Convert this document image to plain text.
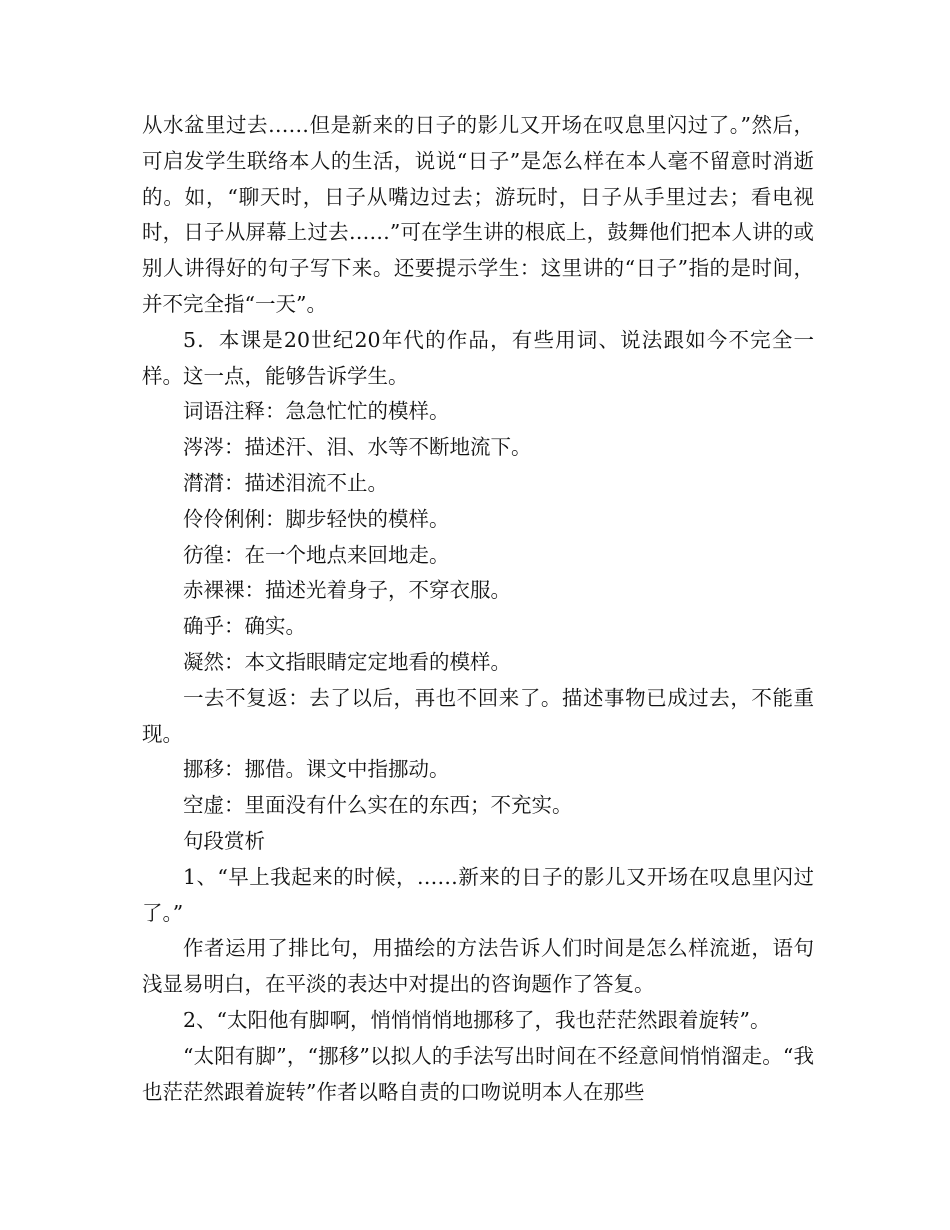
从水盆里过去……但是新来的日子的影儿又开场在叹息里闪过了。”然后，可启发学生联络本人的生活，说说“日子”是怎么样在本人毫不留意时消逝的。如，“聊天时，日子从嘴边过去；游玩时，日子从手里过去；看电视时，日子从屏幕上过去……”可在学生讲的根底上，鼓舞他们把本人讲的或别人讲得好的句子写下来。还要提示学生：这里讲的“日子”指的是时间，并不完全指“一天”。

5．本课是20世纪20年代的作品，有些用词、说法跟如今不完全一样。这一点，能够告诉学生。

词语注释：急急忙忙的模样。

涔涔：描述汗、泪、水等不断地流下。

潸潸：描述泪流不止。

伶伶俐俐：脚步轻快的模样。

彷徨：在一个地点来回地走。

赤裸裸：描述光着身子，不穿衣服。

确乎：确实。

凝然：本文指眼睛定定地看的模样。

一去不复返：去了以后，再也不回来了。描述事物已成过去，不能重现。

挪移：挪借。课文中指挪动。

空虚：里面没有什么实在的东西；不充实。

句段赏析

1、“早上我起来的时候，……新来的日子的影儿又开场在叹息里闪过了。”

作者运用了排比句，用描绘的方法告诉人们时间是怎么样流逝，语句浅显易明白，在平淡的表达中对提出的咨询题作了答复。

2、“太阳他有脚啊，悄悄悄悄地挪移了，我也茫茫然跟着旋转”。

“太阳有脚”，“挪移”以拟人的手法写出时间在不经意间悄悄溜走。“我也茫茫然跟着旋转”作者以略自责的口吻说明本人在那些
